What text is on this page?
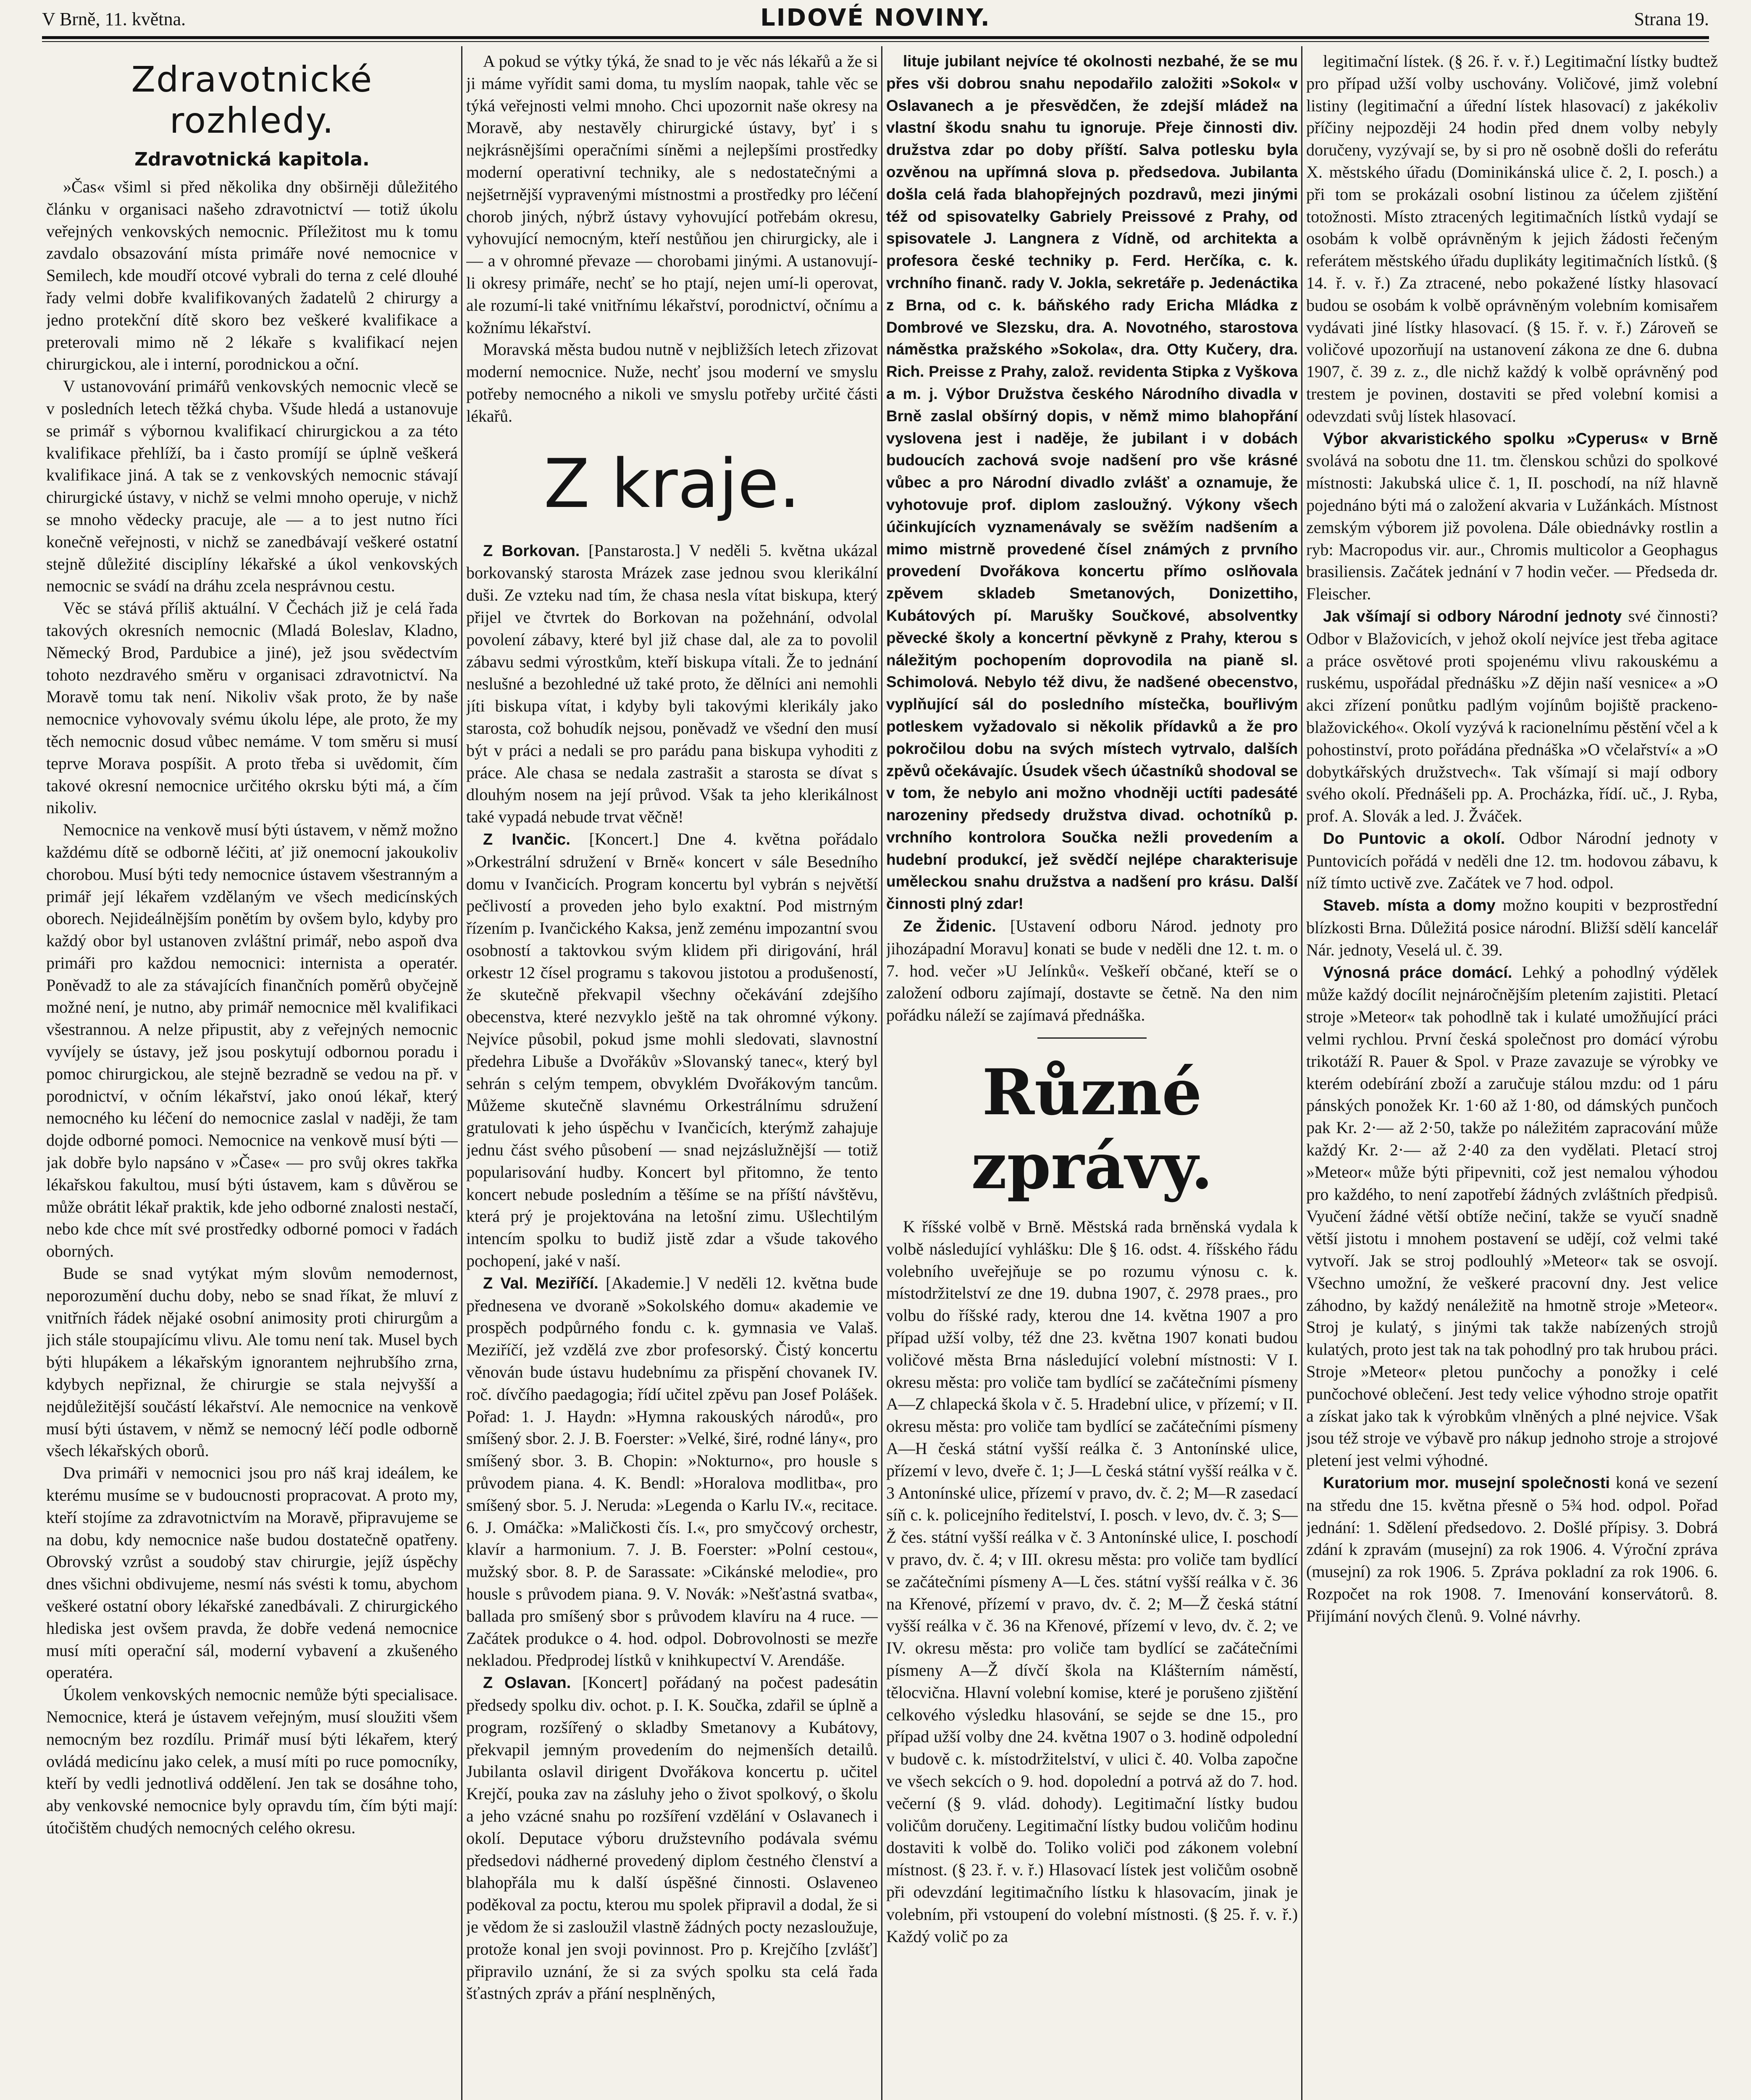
V Brně, 11. května.	LIDOVÉ NOVINY.	Strana 19.
Zdravotnické rozhledy.
Zdravotnická kapitola.

»Čas« všiml si před několika dny obširněji důležitého článku v organisaci našeho zdravotnictví — totiž úkolu veřejných venkovských nemocnic. Příležitost mu k tomu zavdalo obsazování místa primáře nové nemocnice v Semilech, kde moudří otcové vybrali do terna z celé dlouhé řady velmi dobře kvalifikovaných žadatelů 2 chirurgy a jedno protekční dítě skoro bez veškeré kvalifikace a preterovali mimo ně 2 lékaře s kvalifikací nejen chirurgickou, ale i interní, porodnickou a oční.

V ustanovování primářů venkovských nemocnic vlecě se v posledních letech těžká chyba. Všude hledá a ustanovuje se primář s výbornou kvalifikací chirurgickou a za této kvalifikace přehlíží, ba i často promíjí se úplně veškerá kvalifikace jiná. A tak se z venkovských nemocnic stávají chirurgické ústavy, v nichž se velmi mnoho operuje, v nichž se mnoho vědecky pracuje, ale — a to jest nutno říci konečně veřejnosti, v nichž se zanedbávají veškeré ostatní stejně důležité disciplíny lékařské a úkol venkovských nemocnic se svádí na dráhu zcela nesprávnou cestu.

Věc se stává příliš aktuální. V Čechách již je celá řada takových okresních nemocnic (Mladá Boleslav, Kladno, Německý Brod, Pardubice a jiné), jež jsou svědectvím tohoto nezdravého směru v organisaci zdravotnictví. Na Moravě tomu tak není. Nikoliv však proto, že by naše nemocnice vyhovovaly svému úkolu lépe, ale proto, že my těch nemocnic dosud vůbec nemáme. V tom směru si musí teprve Morava pospíšit. A proto třeba si uvědomit, čím takové okresní nemocnice určitého okrsku býti má, a čím nikoliv.

Nemocnice na venkově musí býti ústavem, v němž možno každému dítě se odborně léčiti, ať již onemocní jakoukoliv chorobou. Musí býti tedy nemocnice ústavem všestranným a primář její lékařem vzdělaným ve všech medicínských oborech. Nejideálnějším ponětím by ovšem bylo, kdyby pro každý obor byl ustanoven zvláštní primář, nebo aspoň dva primáři pro každou nemocnici: internista a operatér. Poněvadž to ale za stávajících finančních poměrů obyčejně možné není, je nutno, aby primář nemocnice měl kvalifikaci všestrannou. A nelze připustit, aby z veřejných nemocnic vyvíjely se ústavy, jež jsou poskytují odbornou poradu i pomoc chirurgickou, ale stejně bezradně se vedou na př. v porodnictví, v očním lékařství, jako onoú lékař, který nemocného ku léčení do nemocnice zaslal v naději, že tam dojde odborné pomoci. Nemocnice na venkově musí býti — jak dobře bylo napsáno v »Čase« — pro svůj okres takřka lékařskou fakultou, musí býti ústavem, kam s důvěrou se může obrátit lékař praktik, kde jeho odborné znalosti nestačí, nebo kde chce mít své prostředky odborné pomoci v řadách oborných.

Bude se snad vytýkat mým slovům nemodernost, neporozumění duchu doby, nebo se snad říkat, že mluví z vnitřních řádek nějaké osobní animosity proti chirurgům a jich stále stoupajícímu vlivu. Ale tomu není tak. Musel bych býti hlupákem a lékařským ignorantem nejhrubšího zrna, kdybych nepřiznal, že chirurgie se stala nejvyšší a nejdůležitější součástí lékařství. Ale nemocnice na venkově musí býti ústavem, v němž se nemocný léčí podle odborně všech lékařských oborů.

Dva primáři v nemocnici jsou pro náš kraj ideálem, ke kterému musíme se v budoucnosti propracovat. A proto my, kteří stojíme za zdravotnictvím na Moravě, připravujeme se na dobu, kdy nemocnice naše budou dostatečně opatřeny. Obrovský vzrůst a soudobý stav chirurgie, jejíž úspěchy dnes všichni obdivujeme, nesmí nás svésti k tomu, abychom veškeré ostatní obory lékařské zanedbávali. Z chirurgického hlediska jest ovšem pravda, že dobře vedená nemocnice musí míti operační sál, moderní vybavení a zkušeného operatéra.

Úkolem venkovských nemocnic nemůže býti specialisace. Nemocnice, která je ústavem veřejným, musí sloužiti všem nemocným bez rozdílu. Primář musí býti lékařem, který ovládá medicínu jako celek, a musí míti po ruce pomocníky, kteří by vedli jednotlivá oddělení. Jen tak se dosáhne toho, aby venkovské nemocnice byly opravdu tím, čím býti mají: útočištěm chudých nemocných celého okresu.

A pokud se výtky týká, že snad to je věc nás lékařů a že si ji máme vyřídit sami doma, tu myslím naopak, tahle věc se týká veřejnosti velmi mnoho. Chci upozornit naše okresy na Moravě, aby nestavěly chirurgické ústavy, byť i s nejkrásnějšími operačními síněmi a nejlepšími prostředky moderní operativní techniky, ale s nedostatečnými a nejšetrnější vypravenými místnostmi a prostředky pro léčení chorob jiných, nýbrž ústavy vyhovující potřebám okresu, vyhovující nemocným, kteří nestůňou jen chirurgicky, ale i — a v ohromné převaze — chorobami jinými. A ustanovují-li okresy primáře, nechť se ho ptají, nejen umí-li operovat, ale rozumí-li také vnitřnímu lékařství, porodnictví, očnímu a kožnímu lékařství.

Moravská města budou nutně v nejbližších letech zřizovat moderní nemocnice. Nuže, nechť jsou moderní ve smyslu potřeby nemocného a nikoli ve smyslu potřeby určité části lékařů.

Z kraje.

Z Borkovan. [Panstarosta.] V neděli 5. května ukázal borkovanský starosta Mrázek zase jednou svou klerikální duši. Ze vzteku nad tím, že chasa nesla vítat biskupa, který přijel ve čtvrtek do Borkovan na požehnání, odvolal povolení zábavy, které byl již chase dal, ale za to povolil zábavu sedmi výrostkům, kteří biskupa vítali. Že to jednání neslušné a bezohledné už také proto, že dělníci ani nemohli jíti biskupa vítat, i kdyby byli takovými klerikály jako starosta, což bohudík nejsou, poněvadž ve všední den musí být v práci a nedali se pro parádu pana biskupa vyhoditi z práce. Ale chasa se nedala zastrašit a starosta se dívat s dlouhým nosem na její průvod. Však ta jeho klerikálnost také vypadá nebude trvat věčně!

Z Ivančic. [Koncert.] Dne 4. května pořádalo »Orkestrální sdružení v Brně« koncert v sále Besedního domu v Ivančicích. Program koncertu byl vybrán s největší pečlivostí a proveden jeho bylo exaktní. Pod mistrným řízením p. Ivančického Kaksa, jenž zeménu impozantní svou osobností a taktovkou svým klidem při dirigování, hrál orkestr 12 čísel programu s takovou jistotou a produšeností, že skutečně překvapil všechny očekávání zdejšího obecenstva, které nezvyklo ještě na tak ohromné výkony. Nejvíce působil, pokud jsme mohli sledovati, slavnostní předehra Libuše a Dvořákův »Slovanský tanec«, který byl sehrán s celým tempem, obvyklém Dvořákovým tancům. Můžeme skutečně slavnému Orkestrálnímu sdružení gratulovati k jeho úspěchu v Ivančicích, kterýmž zahajuje jednu část svého působení — snad nejzáslužnější — totiž popularisování hudby. Koncert byl přitomno, že tento koncert nebude posledním a těšíme se na příští návštěvu, která prý je projektována na letošní zimu. Ušlechtilým intencím spolku to budiž jistě zdar a všude takového pochopení, jaké v naší.

Z Val. Meziříčí. [Akademie.] V neděli 12. května bude přednesena ve dvoraně »Sokolského domu« akademie ve prospěch podpůrného fondu c. k. gymnasia ve Valaš. Meziříčí, jež vzdělá zve zbor profesorský. Čistý koncertu věnován bude ústavu hudebnímu za přispění chovanek IV. roč. dívčího paedagogia; řídí učitel zpěvu pan Josef Polášek. Pořad: 1. J. Haydn: »Hymna rakouských národů«, pro smíšený sbor. 2. J. B. Foerster: »Velké, širé, rodné lány«, pro smíšený sbor. 3. B. Chopin: »Nokturno«, pro housle s průvodem piana. 4. K. Bendl: »Horalova modlitba«, pro smíšený sbor. 5. J. Neruda: »Legenda o Karlu IV.«, recitace. 6. J. Omáčka: »Maličkosti čís. I.«, pro smyčcový orchestr, klavír a harmonium. 7. J. B. Foerster: »Polní cestou«, mužský sbor. 8. P. de Sarassate: »Cikánské melodie«, pro housle s průvodem piana. 9. V. Novák: »Nešťastná svatba«, ballada pro smíšený sbor s průvodem klavíru na 4 ruce. — Začátek produkce o 4. hod. odpol. Dobrovolnosti se mezře nekladou. Předprodej lístků v knihkupectví V. Arendáše.

Z Oslavan. [Koncert] pořádaný na počest padesátin předsedy spolku div. ochot. p. I. K. Součka, zdařil se úplně a program, rozšířený o skladby Smetanovy a Kubátovy, překvapil jemným provedením do nejmenších detailů. Jubilanta oslavil dirigent Dvořákova koncertu p. učitel Krejčí, pouka zav na zásluhy jeho o život spolkový, o školu a jeho vzácné snahu po rozšíření vzdělání v Oslavanech i okolí. Deputace výboru družstevního podávala svému předsedovi nádherné provedený diplom čestného členství a blahopřála mu k další úspěšné činnosti. Oslaveneo poděkoval za poctu, kterou mu spolek připravil a dodal, že si je vědom že si zasloužil vlastně žádných pocty nezasloužuje, protože konal jen svoji povinnost. Pro p. Krejčího [zvlášť] připravilo uznání, že si za svých spolku sta celá řada šťastných zpráv a přání nesplněných,

lituje jubilant nejvíce té okolnosti nezbahé, že se mu přes vši dobrou snahu nepodařilo založiti »Sokol« v Oslavanech a je přesvědčen, že zdejší mládež na vlastní škodu snahu tu ignoruje. Přeje činnosti div. družstva zdar po doby příští. Salva potlesku byla ozvěnou na upřímná slova p. předsedova. Jubilanta došla celá řada blahopřejných pozdravů, mezi jinými též od spisovatelky Gabriely Preissové z Prahy, od spisovatele J. Langnera z Vídně, od architekta a profesora české techniky p. Ferd. Herčíka, c. k. vrchního finanč. rady V. Jokla, sekretáře p. Jedenáctika z Brna, od c. k. báňského rady Ericha Mládka z Dombrové ve Slezsku, dra. A. Novotného, starostova náměstka pražského »Sokola«, dra. Otty Kučery, dra. Rich. Preisse z Prahy, založ. revidenta Stipka z Vyškova a m. j. Výbor Družstva českého Národního divadla v Brně zaslal obšírný dopis, v němž mimo blahopřání vyslovena jest i naděje, že jubilant i v dobách budoucích zachová svoje nadšení pro vše krásné vůbec a pro Národní divadlo zvlášť a oznamuje, že vyhotovuje prof. diplom zasloužný. Výkony všech účinkujících vyznamenávaly se svěžím nadšením a mimo mistrně provedené čísel známých z prvního provedení Dvořákova koncertu přímo oslňovala zpěvem skladeb Smetanových, Donizettiho, Kubátových pí. Marušky Součkové, absolventky pěvecké školy a koncertní pěvkyně z Prahy, kterou s náležitým pochopením doprovodila na pianě sl. Schimolová. Nebylo též divu, že nadšené obecenstvo, vyplňující sál do posledního místečka, bouřlivým potleskem vyžadovalo si několik přídavků a že pro pokročilou dobu na svých místech vytrvalo, dalších zpěvů očekávajíc. Úsudek všech účastníků shodoval se v tom, že nebylo ani možno vhodněji uctíti padesáté narozeniny předsedy družstva divad. ochotníků p. vrchního kontrolora Součka nežli provedením a hudební produkcí, jež svědčí nejlépe charakterisuje uměleckou snahu družstva a nadšení pro krásu. Další činnosti plný zdar!

Ze Židenic. [Ustavení odboru Národ. jednoty pro jihozápadní Moravu] konati se bude v neděli dne 12. t. m. o 7. hod. večer »U Jelínků«. Veškeří občané, kteří se o založení odboru zajímají, dostavte se četně. Na den nim pořádku náleží se zajímavá přednáška.

Různé zprávy.

K říšské volbě v Brně. Městská rada brněnská vydala k volbě následující vyhlášku: Dle § 16. odst. 4. říšského řádu volebního uveřejňuje se po rozumu výnosu c. k. místodržitelství ze dne 19. dubna 1907, č. 2978 praes., pro volbu do říšské rady, kterou dne 14. května 1907 a pro případ užší volby, též dne 23. května 1907 konati budou voličové města Brna následující volební místnosti: V I. okresu města: pro voliče tam bydlící se začátečními písmeny A—Z chlapecká škola v č. 5. Hradební ulice, v přízemí; v II. okresu města: pro voliče tam bydlící se začátečními písmeny A—H česká státní vyšší reálka č. 3 Antonínské ulice, přízemí v levo, dveře č. 1; J—L česká státní vyšší reálka v č. 3 Antonínské ulice, přízemí v pravo, dv. č. 2; M—R zasedací síň c. k. policejního ředitelství, I. posch. v levo, dv. č. 3; S—Ž čes. státní vyšší reálka v č. 3 Antonínské ulice, I. poschodí v pravo, dv. č. 4; v III. okresu města: pro voliče tam bydlící se začátečními písmeny A—L čes. státní vyšší reálka v č. 36 na Křenové, přízemí v pravo, dv. č. 2; M—Ž česká státní vyšší reálka v č. 36 na Křenové, přízemí v levo, dv. č. 2; ve IV. okresu města: pro voliče tam bydlící se začátečními písmeny A—Ž dívčí škola na Klášterním náměstí, tělocvična. Hlavní volební komise, které je porušeno zjištění celkového výsledku hlasování, se sejde se dne 15., pro případ užší volby dne 24. května 1907 o 3. hodině odpolední v budově c. k. místodržitelství, v ulici č. 40. Volba započne ve všech sekcích o 9. hod. dopolední a potrvá až do 7. hod. večerní (§ 9. vlád. dohody). Legitimační lístky budou voličům doručeny. Legitimační lístky budou voličům hodinu dostaviti k volbě do. Toliko voliči pod zákonem volební místnost. (§ 23. ř. v. ř.) Hlasovací lístek jest voličům osobně při odevzdání legitimačního lístku k hlasovacím, jinak je volebním, při vstoupení do volební místnosti. (§ 25. ř. v. ř.) Každý volič po za

legitimační lístek. (§ 26. ř. v. ř.) Legitimační lístky budtež pro případ užší volby uschovány. Voličové, jimž volební listiny (legitimační a úřední lístek hlasovací) z jakékoliv příčiny nejpozději 24 hodin před dnem volby nebyly doručeny, vyzývají se, by si pro ně osobně došli do referátu X. městského úřadu (Dominikánská ulice č. 2, I. posch.) a při tom se prokázali osobní listinou za účelem zjištění totožnosti. Místo ztracených legitimačních lístků vydají se osobám k volbě oprávněným k jejich žádosti řečeným referátem městského úřadu duplikáty legitimačních lístků. (§ 14. ř. v. ř.) Za ztracené, nebo pokažené lístky hlasovací budou se osobám k volbě oprávněným volebním komisařem vydávati jiné lístky hlasovací. (§ 15. ř. v. ř.) Zároveň se voličové upozorňují na ustanovení zákona ze dne 6. dubna 1907, č. 39 z. z., dle nichž každý k volbě oprávněný pod trestem je povinen, dostaviti se před volební komisi a odevzdati svůj lístek hlasovací.

Výbor akvaristického spolku »Cyperus« v Brně svolává na sobotu dne 11. tm. členskou schůzi do spolkové místnosti: Jakubská ulice č. 1, II. poschodí, na níž hlavně pojednáno býti má o založení akvaria v Lužánkách. Místnost zemským výborem již povolena. Dále obiednávky rostlin a ryb: Macropodus vir. aur., Chromis multicolor a Geophagus brasiliensis. Začátek jednání v 7 hodin večer. — Předseda dr. Fleischer.

Jak všímají si odbory Národní jednoty své činnosti? Odbor v Blažovicích, v jehož okolí nejvíce jest třeba agitace a práce osvětové proti spojenému vlivu rakouskému a ruskému, uspořádal přednášku »Z dějin naší vesnice« a »O akci zřízení ponůtku padlým vojínům bojiště prackeno-blažovického«. Okolí vyzývá k racionelnímu pěstění včel a k pohostinství, proto pořádána přednáška »O včelařství« a »O dobytkářských družstvech«. Tak všímají si mají odbory svého okolí. Přednášeli pp. A. Procházka, řídí. uč., J. Ryba, prof. A. Slovák a led. J. Žváček.

Do Puntovic a okolí. Odbor Národní jednoty v Puntovicích pořádá v neděli dne 12. tm. hodovou zábavu, k níž tímto uctivě zve. Začátek ve 7 hod. odpol.

Staveb. místa a domy možno koupiti v bezprostřední blízkosti Brna. Důležitá posice národní. Bližší sdělí kancelář Nár. jednoty, Veselá ul. č. 39.

Výnosná práce domácí. Lehký a pohodlný výdělek může každý docílit nejnáročnějším pletením zajistiti. Pletací stroje »Meteor« tak pohodlně tak i kulaté umožňující práci velmi rychlou. První česká společnost pro domácí výrobu trikotáží R. Pauer & Spol. v Praze zavazuje se výrobky ve kterém odebírání zboží a zaručuje stálou mzdu: od 1 páru pánských ponožek Kr. 1·60 až 1·80, od dámských punčoch pak Kr. 2·— až 2·50, takže po náležitém zapracování může každý Kr. 2·— až 2·40 za den vydělati. Pletací stroj »Meteor« může býti připevniti, což jest nemalou výhodou pro každého, to není zapotřebí žádných zvláštních předpisů. Vyučení žádné větší obtíže nečiní, takže se vyučí snadně větší jistotu i mnohem postavení se udějí, což velmi také vytvoří. Jak se stroj podlouhlý »Meteor« tak se osvojí. Všechno umožní, že veškeré pracovní dny. Jest velice záhodno, by každý nenáležitě na hmotně stroje »Meteor«. Stroj je kulatý, s jinými tak takže nabízených strojů kulatých, proto jest tak na tak pohodlný pro tak hrubou práci. Stroje »Meteor« pletou punčochy a ponožky i celé punčochové oblečení. Jest tedy velice výhodno stroje opatřit a získat jako tak k výrobkům vlněných a plné nejvice. Však jsou též stroje ve výbavě pro nákup jednoho stroje a strojové pletení jest velmi výhodné.

Kuratorium mor. musejní společnosti koná ve sezení na středu dne 15. května přesně o 5¾ hod. odpol. Pořad jednání: 1. Sdělení předsedovo. 2. Došlé přípisy. 3. Dobrá zdání k zpravám (musejní) za rok 1906. 4. Výroční zpráva (musejní) za rok 1906. 5. Zpráva pokladní za rok 1906. 6. Rozpočet na rok 1908. 7. Imenování konservátorů. 8. Přijímání nových členů. 9. Volné návrhy.
